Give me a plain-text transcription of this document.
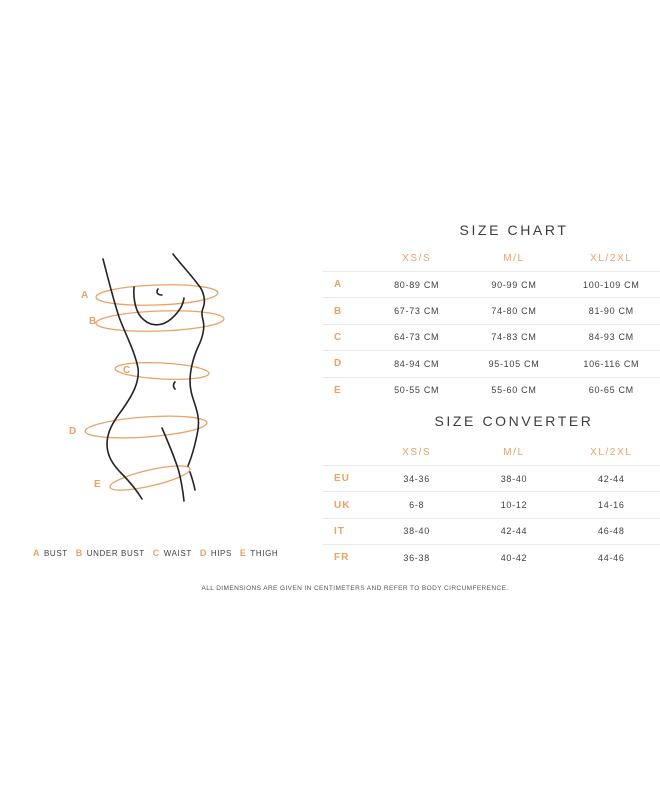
A
B
C
D
E
SIZE CHART
XS/S	M/L	XL/2XL
A	80-89 CM	90-99 CM	100-109 CM
B	67-73 CM	74-80 CM	81-90 CM
C	64-73 CM	74-83 CM	84-93 CM
D	84-94 CM	95-105 CM	106-116 CM
E	50-55 CM	55-60 CM	60-65 CM
SIZE CONVERTER
XS/S	M/L	XL/2XL
EU	34-36	38-40	42-44
UK	6-8	10-12	14-16
IT	38-40	42-44	46-48
FR	36-38	40-42	44-46
A BUST B UNDER BUST C WAIST D HIPS E THIGH
ALL DIMENSIONS ARE GIVEN IN CENTIMETERS AND REFER TO BODY CIRCUMFERENCE.
